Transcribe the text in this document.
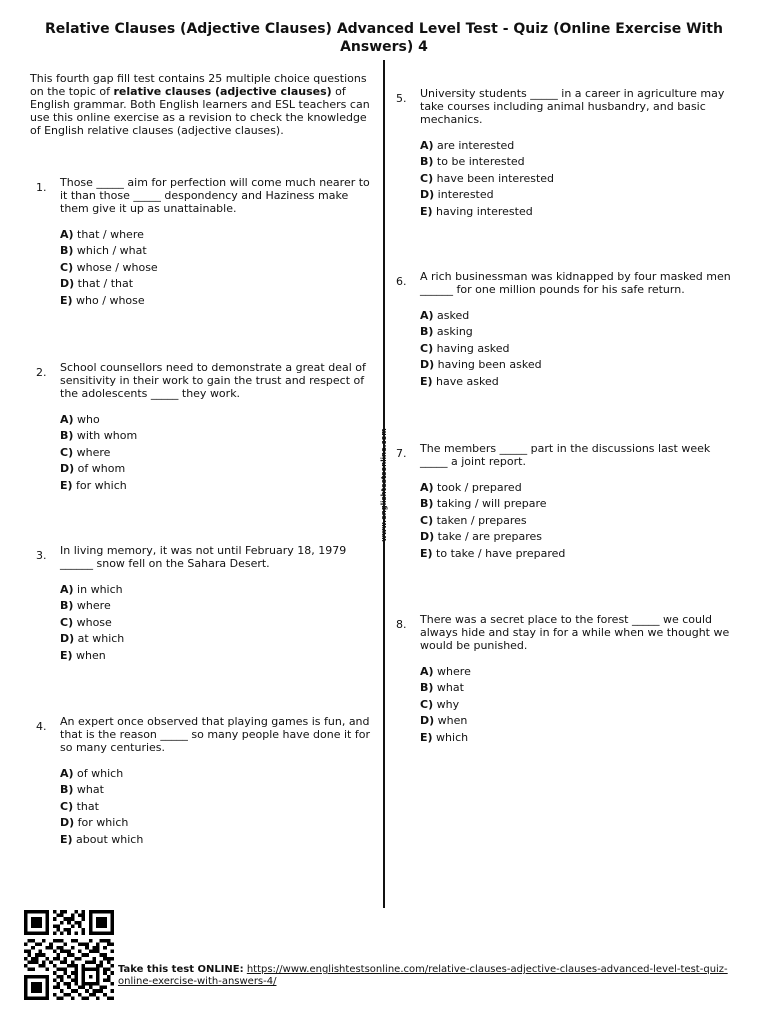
Relative Clauses (Adjective Clauses) Advanced Level Test - Quiz (Online Exercise With Answers) 4
This fourth gap fill test contains 25 multiple choice questions on the topic of relative clauses (adjective clauses) of English grammar. Both English learners and ESL teachers can use this online exercise as a revision to check the knowledge of English relative clauses (adjective clauses).
www.englishtestsonline.com
1. Those _____ aim for perfection will come much nearer to it than those _____ despondency and Haziness make them give it up as unattainable.
A) that / where
B) which / what
C) whose / whose
D) that / that
E) who / whose
2. School counsellors need to demonstrate a great deal of sensitivity in their work to gain the trust and respect of the adolescents _____ they work.
A) who
B) with whom
C) where
D) of whom
E) for which
3. In living memory, it was not until February 18, 1979 ______ snow fell on the Sahara Desert.
A) in which
B) where
C) whose
D) at which
E) when
4. An expert once observed that playing games is fun, and that is the reason _____ so many people have done it for so many centuries.
A) of which
B) what
C) that
D) for which
E) about which
5. University students _____ in a career in agriculture may take courses including animal husbandry, and basic mechanics.
A) are interested
B) to be interested
C) have been interested
D) interested
E) having interested
6. A rich businessman was kidnapped by four masked men ______ for one million pounds for his safe return.
A) asked
B) asking
C) having asked
D) having been asked
E) have asked
7. The members _____ part in the discussions last week _____ a joint report.
A) took / prepared
B) taking / will prepare
C) taken / prepares
D) take / are prepares
E) to take / have prepared
8. There was a secret place to the forest _____ we could always hide and stay in for a while when we thought we would be punished.
A) where
B) what
C) why
D) when
E) which
Take this test ONLINE: https://www.englishtestsonline.com/relative-clauses-adjective-clauses-advanced-level-test-quiz-online-exercise-with-answers-4/
